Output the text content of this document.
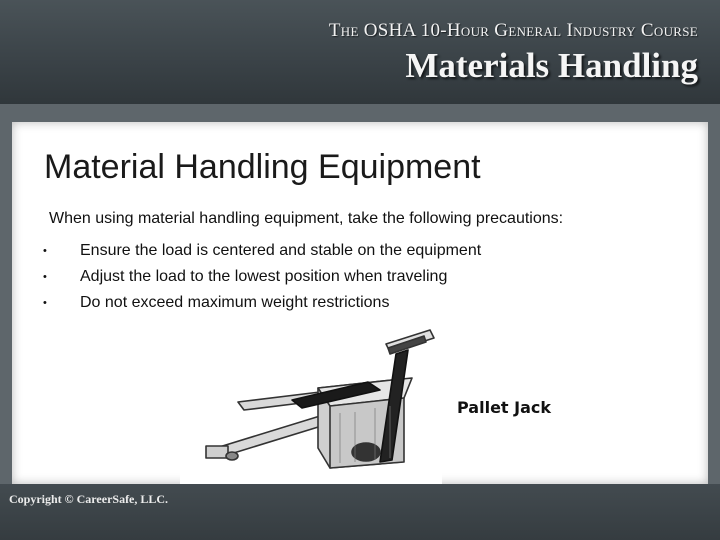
The OSHA 10-Hour General Industry Course
Materials Handling
Material Handling Equipment
When using material handling equipment, take the following precautions:
• Ensure the load is centered and stable on the equipment
• Adjust the load to the lowest position when traveling
• Do not exceed maximum weight restrictions
Pallet Jack
Copyright © CareerSafe, LLC.
